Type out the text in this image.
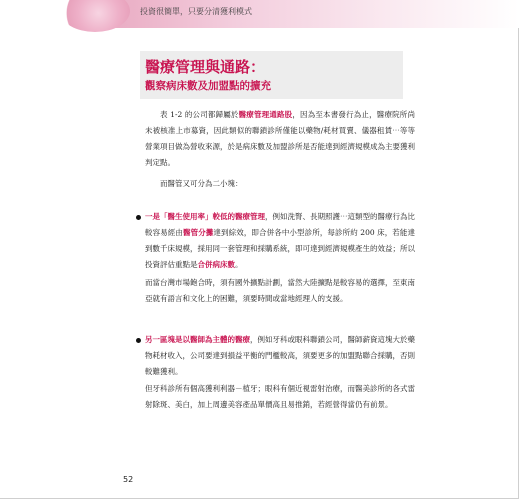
投資很簡單，只要分清獲利模式
醫療管理與通路：
觀察病床數及加盟點的擴充
表 1-2 的公司都歸屬於醫療管理通路股，因為至本書發行為止，醫療院所尚未被核准上市募資，因此類似的聯鎖診所僅能以藥物/耗材買賣、儀器租賃⋯等等營業項目做為營收來源，於是病床數及加盟診所是否能達到經濟規模成為主要獲利判定點。
而醫管又可分為二小塊：
一是「醫生使用率」較低的醫療管理，例如洗腎、長期照護⋯這類型的醫療行為比較容易經由醫管分攤達到綜效，即合併各中小型診所，每診所約 200 床，若能達到數千床規模，採用同一套管理和採購系統，即可達到經濟規模產生的效益；所以投資評估重點是合併病床數。
而當台灣市場飽合時，須有國外擴點計劃，當然大陸擴點是較容易的選擇，至東南亞就有語言和文化上的困難，須要時間或當地經理人的支援。
另一區塊是以醫師為主體的醫療，例如牙科或眼科聯鎖公司，醫師薪資這塊大於藥物耗材收入，公司要達到損益平衡的門檻較高，須要更多的加盟點聯合採購，否則較難獲利。
但牙科診所有個高獲利利器－植牙；眼科有個近視雷射治療，而醫美診所的各式雷射除斑、美白，加上周邊美容產品單價高且易推銷，若經營得當仍有前景。
52
